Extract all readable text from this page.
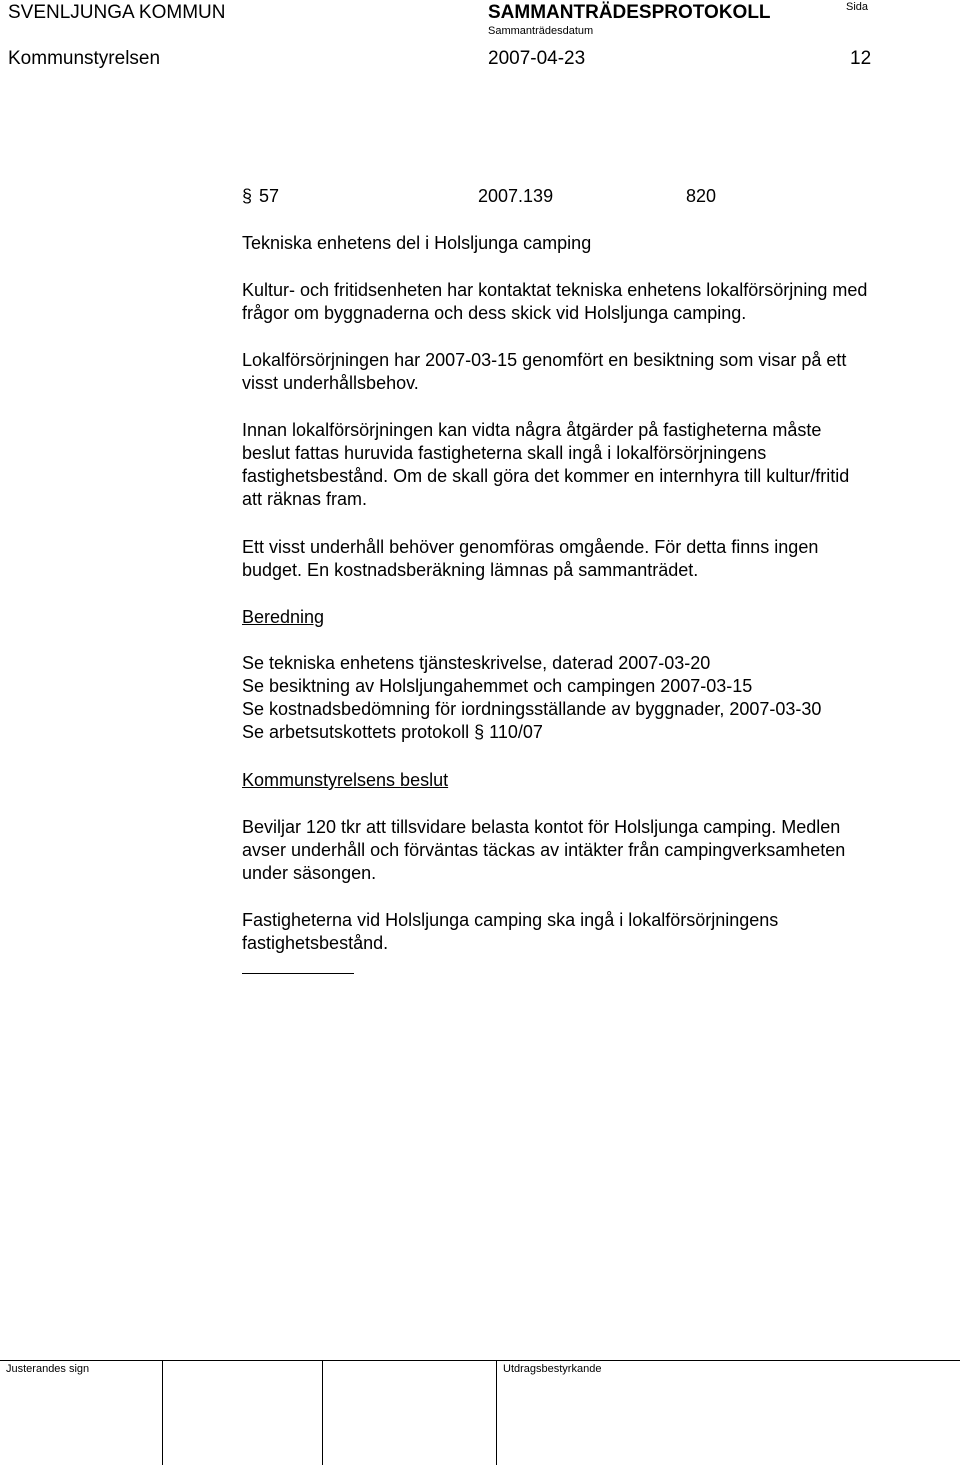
SVENLJUNGA KOMMUN	SAMMANTRÄDESPROTOKOLL	Sida
Sammanträdesdatum
Kommunstyrelsen	2007-04-23	12
§ 57	2007.139	820
Tekniska enhetens del i Holsljunga camping
Kultur- och fritidsenheten har kontaktat tekniska enhetens lokalförsörjning med
frågor om byggnaderna och dess skick vid Holsljunga camping.
Lokalförsörjningen har 2007-03-15 genomfört en besiktning som visar på ett
visst underhållsbehov.
Innan lokalförsörjningen kan vidta några åtgärder på fastigheterna måste
beslut fattas huruvida fastigheterna skall ingå i lokalförsörjningens
fastighetsbestånd. Om de skall göra det kommer en internhyra till kultur/fritid
att räknas fram.
Ett visst underhåll behöver genomföras omgående. För detta finns ingen
budget. En kostnadsberäkning lämnas på sammanträdet.
Beredning
Se tekniska enhetens tjänsteskrivelse, daterad 2007-03-20
Se besiktning av Holsljungahemmet och campingen 2007-03-15
Se kostnadsbedömning för iordningsställande av byggnader, 2007-03-30
Se arbetsutskottets protokoll § 110/07
Kommunstyrelsens beslut
Beviljar 120 tkr att tillsvidare belasta kontot för Holsljunga camping. Medlen
avser underhåll och förväntas täckas av intäkter från campingverksamheten
under säsongen.
Fastigheterna vid Holsljunga camping ska ingå i lokalförsörjningens
fastighetsbestånd.
Justerandes sign	Utdragsbestyrkande
